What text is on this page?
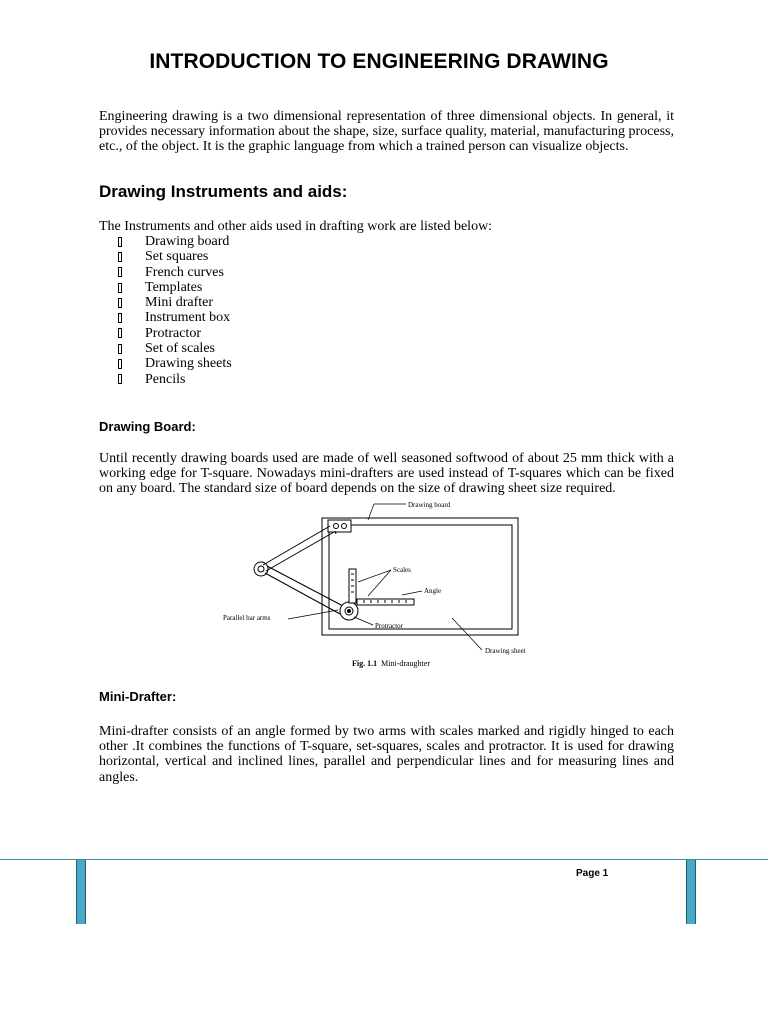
INTRODUCTION TO ENGINEERING DRAWING

Engineering drawing is a two dimensional representation of three dimensional objects. In general, it provides necessary information about the shape, size, surface quality, material, manufacturing process, etc., of the object. It is the graphic language from which a trained person can visualize objects.

Drawing Instruments and aids:

The Instruments and other aids used in drafting work are listed below:

Drawing board
Set squares
French curves
Templates
Mini drafter
Instrument box
Protractor
Set of scales
Drawing sheets
Pencils
Drawing Board:

Until recently drawing boards used are made of well seasoned softwood of about 25 mm thick with a working edge for T-square. Nowadays mini-drafters are used instead of T-squares which can be fixed on any board. The standard size of board depends on the size of drawing sheet size required.

Drawing board
Scales
Angle
Parallel bar arms
Protractor
Drawing sheet
Fig. 1.1 Mini-draughter
Mini-Drafter:

Mini-drafter consists of an angle formed by two arms with scales marked and rigidly hinged to each other .It combines the functions of T-square, set-squares, scales and protractor. It is used for drawing horizontal, vertical and inclined lines, parallel and perpendicular lines and for measuring lines and angles.

Page 1
